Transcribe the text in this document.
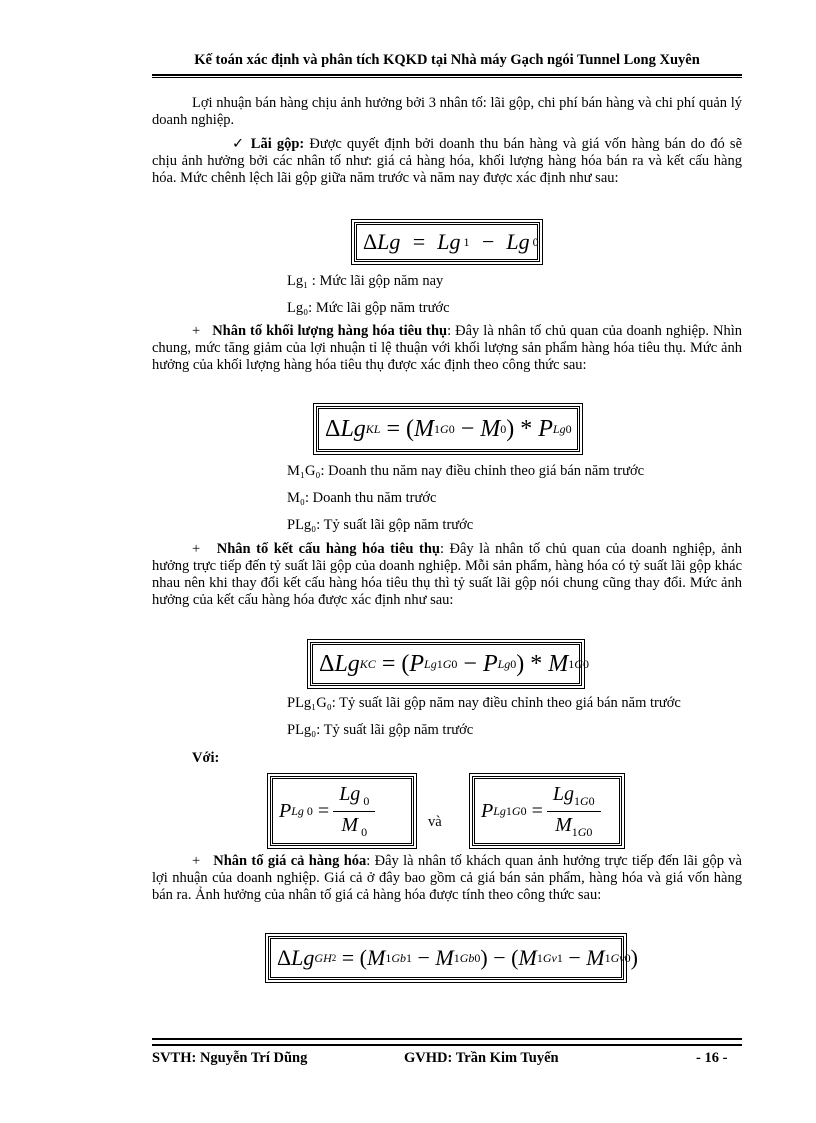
Kế toán xác định và phân tích KQKD tại Nhà máy Gạch ngói Tunnel Long Xuyên
Lợi nhuận bán hàng chịu ảnh hưởng bởi 3 nhân tố: lãi gộp, chi phí bán hàng và chi phí quản lý doanh nghiệp.
✓ Lãi gộp: Được quyết định bởi doanh thu bán hàng và giá vốn hàng bán do đó sẽ chịu ảnh hưởng bởi các nhân tố như: giá cả hàng hóa, khối lượng hàng hóa bán ra và kết cấu hàng hóa. Mức chênh lệch lãi gộp giữa năm trước và năm nay được xác định như sau:
Δ Lg  =  Lg 1 −  Lg 0
Lg₁ : Mức lãi gộp năm nay
Lg₀: Mức lãi gộp năm trước
+ Nhân tố khối lượng hàng hóa tiêu thụ: Đây là nhân tố chủ quan của doanh nghiệp. Nhìn chung, mức tăng giảm của lợi nhuận tỉ lệ thuận với khối lượng sản phẩm hàng hóa tiêu thụ. Mức ảnh hưởng của khối lượng hàng hóa tiêu thụ được xác định theo công thức sau:
Δ Lg KL
=
( M 1 G 0
− M 0 )
* P Lg 0
M₁G₀: Doanh thu năm nay điều chỉnh theo giá bán năm trước
M₀: Doanh thu năm trước
PLg₀: Tỷ suất lãi gộp năm trước
+ Nhân tố kết cấu hàng hóa tiêu thụ: Đây là nhân tố chủ quan của doanh nghiệp, ảnh hưởng trực tiếp đến tỷ suất lãi gộp của doanh nghiệp. Mỗi sản phẩm, hàng hóa có tỷ suất lãi gộp khác nhau nên khi thay đổi kết cấu hàng hóa tiêu thụ thì tỷ suất lãi gộp nói chung cũng thay đổi. Mức ảnh hưởng của kết cấu hàng hóa được xác định như sau:
Δ Lg KC
=
( P Lg 1 G 0
− P Lg 0 )
* M 1 G 0
PLg₁G₀: Tỷ suất lãi gộp năm nay điều chỉnh theo giá bán năm trước
PLg₀: Tỷ suất lãi gộp năm trước
Với:
P Lg 0
= $\frac{Lg _0}{M _0}$	và
P Lg 1 G 0
= $\frac{Lg_{1G0}}{M_{1G0}}$
+ Nhân tố giá cả hàng hóa: Đây là nhân tố khách quan ảnh hưởng trực tiếp đến lãi gộp và lợi nhuận của doanh nghiệp. Giá cả ở đây bao gồm cả giá bán sản phẩm, hàng hóa và giá vốn hàng bán ra. Ảnh hưởng của nhân tố giá cả hàng hóa được tính theo công thức sau:
Δ Lg GH 2
=
( M 1 Gb 1
− M 1 Gb 0 )
−
( M 1 Gv 1
− M 1 Gv 0 )
SVTH: Nguyễn Trí Dũng	GVHD: Trần Kim Tuyến	- 16 -
